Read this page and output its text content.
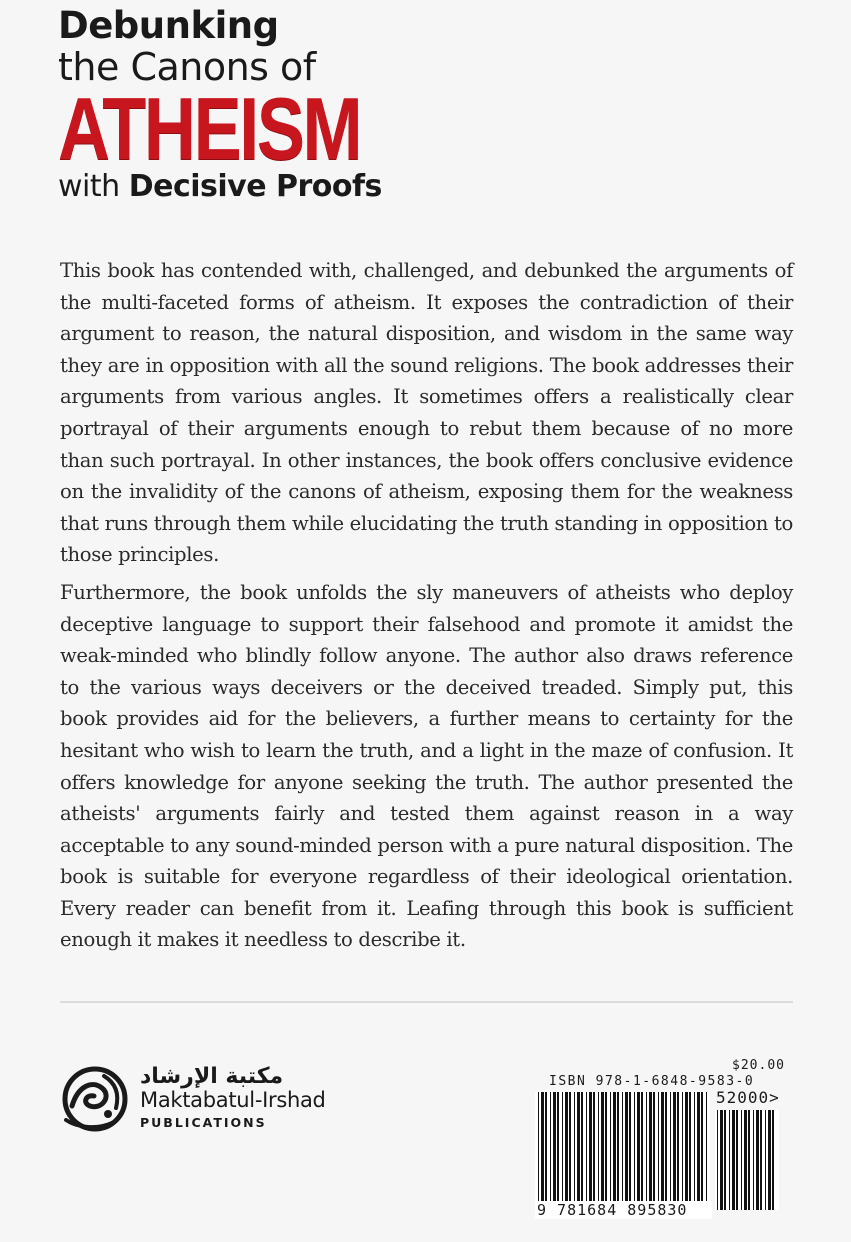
Debunking
the Canons of
ATHEISM
with Decisive Proofs

This book has contended with, challenged, and debunked the arguments of the multi-faceted forms of atheism. It exposes the contradiction of their argument to reason, the natural disposition, and wisdom in the same way they are in opposition with all the sound religions. The book addresses their arguments from various angles. It sometimes offers a realistically clear portrayal of their arguments enough to rebut them because of no more than such portrayal. In other instances, the book offers conclusive evidence on the invalidity of the canons of atheism, exposing them for the weakness that runs through them while elucidating the truth standing in opposition to those principles.

Furthermore, the book unfolds the sly maneuvers of atheists who deploy deceptive language to support their falsehood and promote it amidst the weak-minded who blindly follow anyone. The author also draws reference to the various ways deceivers or the deceived treaded. Simply put, this book provides aid for the believers, a further means to certainty for the hesitant who wish to learn the truth, and a light in the maze of confusion. It offers knowledge for anyone seeking the truth. The author presented the atheists' arguments fairly and tested them against reason in a way acceptable to any sound-minded person with a pure natural disposition. The book is suitable for everyone regardless of their ideological orientation. Every reader can benefit from it. Leafing through this book is sufficient enough it makes it needless to describe it.

مكتبة الإرشاد
Maktabatul-Irshad
PUBLICATIONS
$20.00
ISBN 978-1-6848-9583-0
52000>
9 781684 895830
